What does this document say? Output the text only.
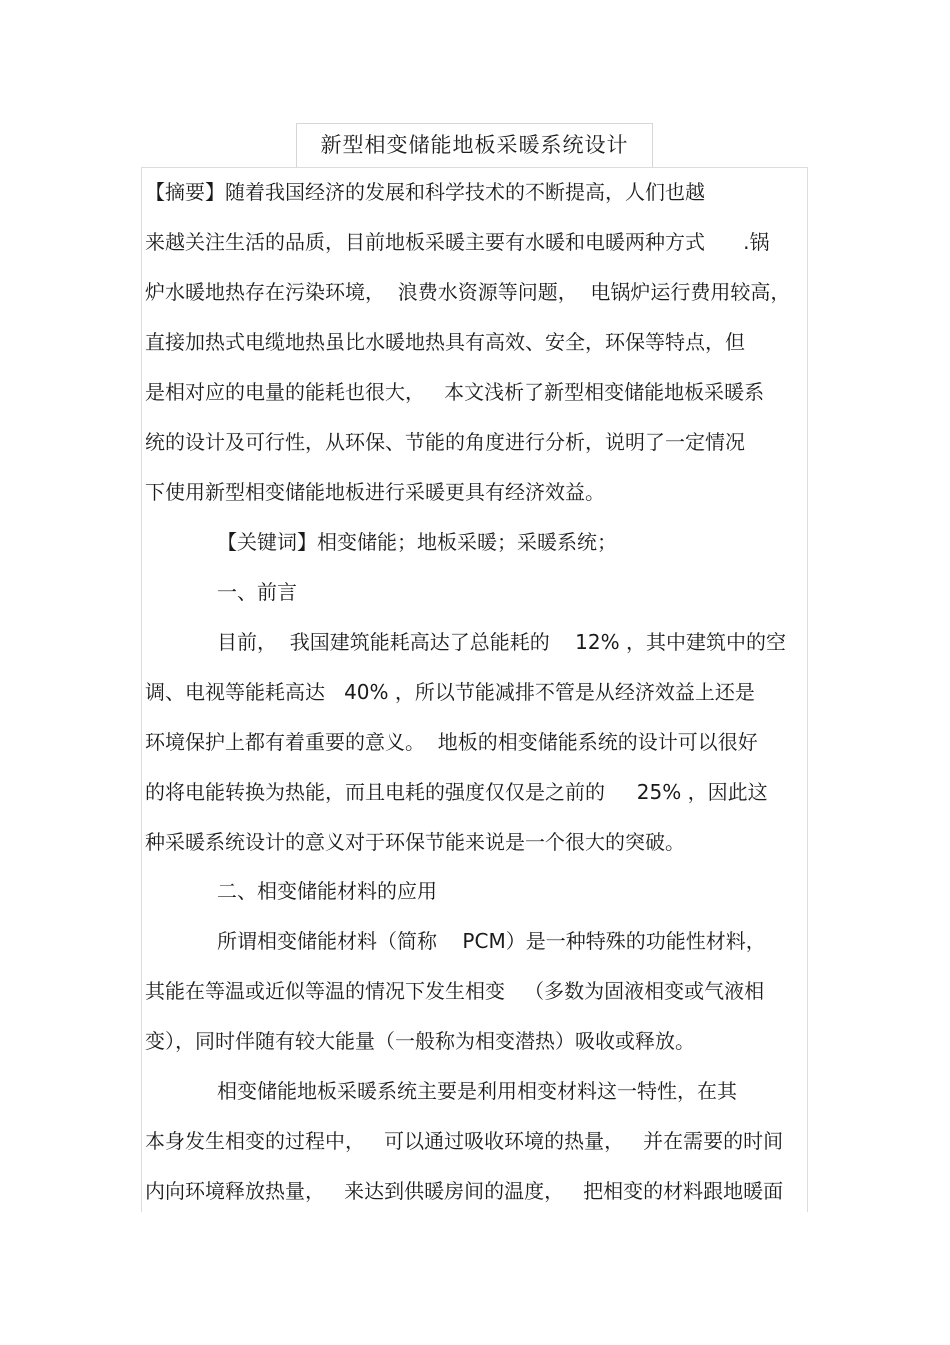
新型相变储能地板采暖系统设计
【摘要】随着我国经济的发展和科学技术的不断提高，人们也越
来越关注生活的品质，目前地板采暖主要有水暖和电暖两种方式      .锅
炉水暖地热存在污染环境，  浪费水资源等问题，  电锅炉运行费用较高，
直接加热式电缆地热虽比水暖地热具有高效、安全，环保等特点，但
是相对应的电量的能耗也很大，   本文浅析了新型相变储能地板采暖系
统的设计及可行性，从环保、节能的角度进行分析，说明了一定情况
下使用新型相变储能地板进行采暖更具有经济效益。
【关键词】相变储能；地板采暖；采暖系统；
一、前言
目前，  我国建筑能耗高达了总能耗的    12% ，其中建筑中的空
调、电视等能耗高达   40% ，所以节能减排不管是从经济效益上还是
环境保护上都有着重要的意义。  地板的相变储能系统的设计可以很好
的将电能转换为热能，而且电耗的强度仅仅是之前的     25% ，因此这
种采暖系统设计的意义对于环保节能来说是一个很大的突破。
二、相变储能材料的应用
所谓相变储能材料（简称    PCM）是一种特殊的功能性材料，
其能在等温或近似等温的情况下发生相变   （多数为固液相变或气液相
变），同时伴随有较大能量（一般称为相变潜热）吸收或释放。
相变储能地板采暖系统主要是利用相变材料这一特性，在其
本身发生相变的过程中，   可以通过吸收环境的热量，   并在需要的时间
内向环境释放热量，   来达到供暖房间的温度，   把相变的材料跟地暖面
